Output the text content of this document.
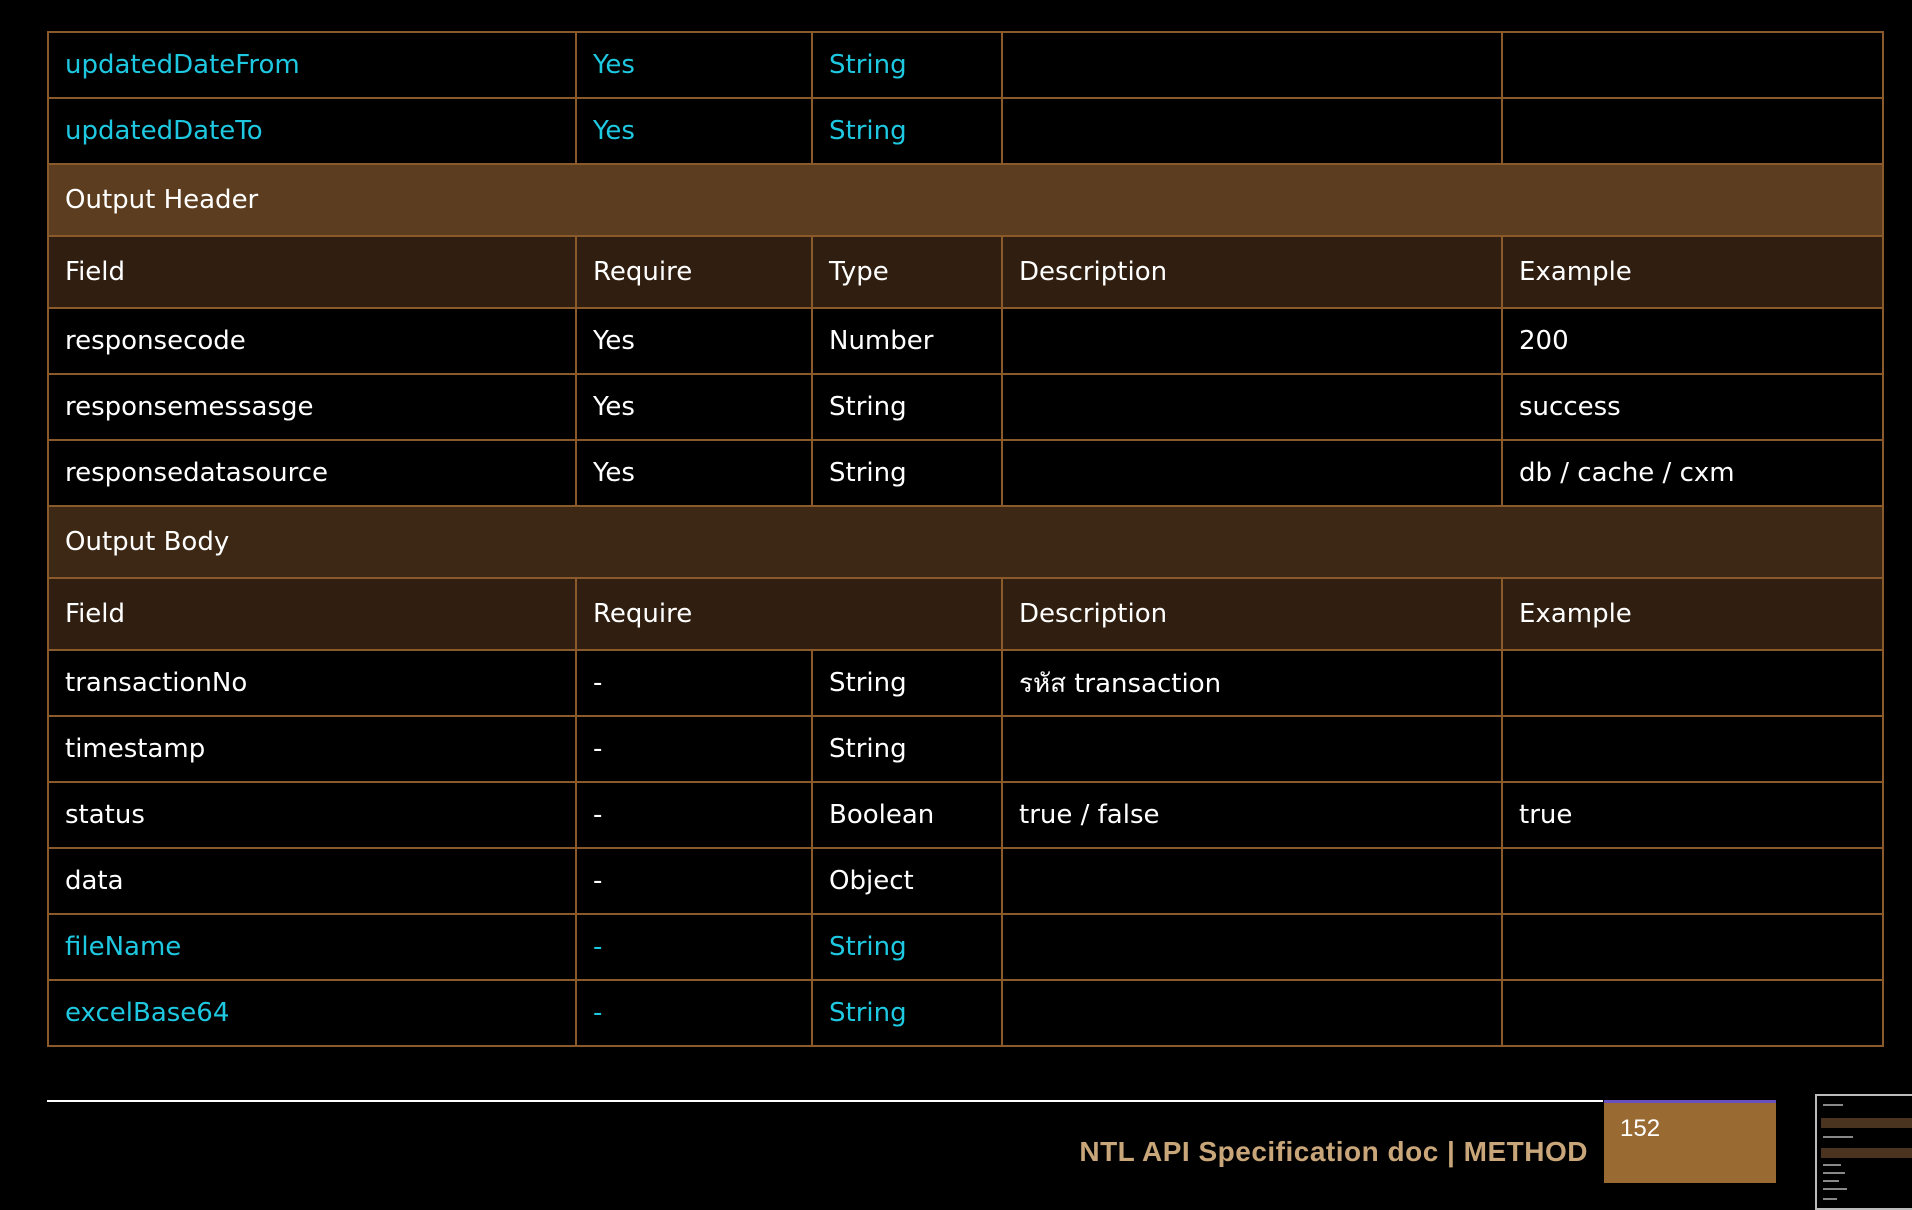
updatedDateFrom	Yes	String		
updatedDateTo	Yes	String		
Output Header				
Field	Require	Type	Description	Example
responsecode	Yes	Number		200
responsemessasge	Yes	String		success
responsedatasource	Yes	String		db / cache / cxm
Output Body				
Field	Require		Description	Example
transactionNo	-	String	รหัส transaction	
timestamp	-	String		
status	-	Boolean	true / false	true
data	-	Object		
fileName	-	String		
excelBase64	-	String		
NTL API Specification doc | METHOD
152
